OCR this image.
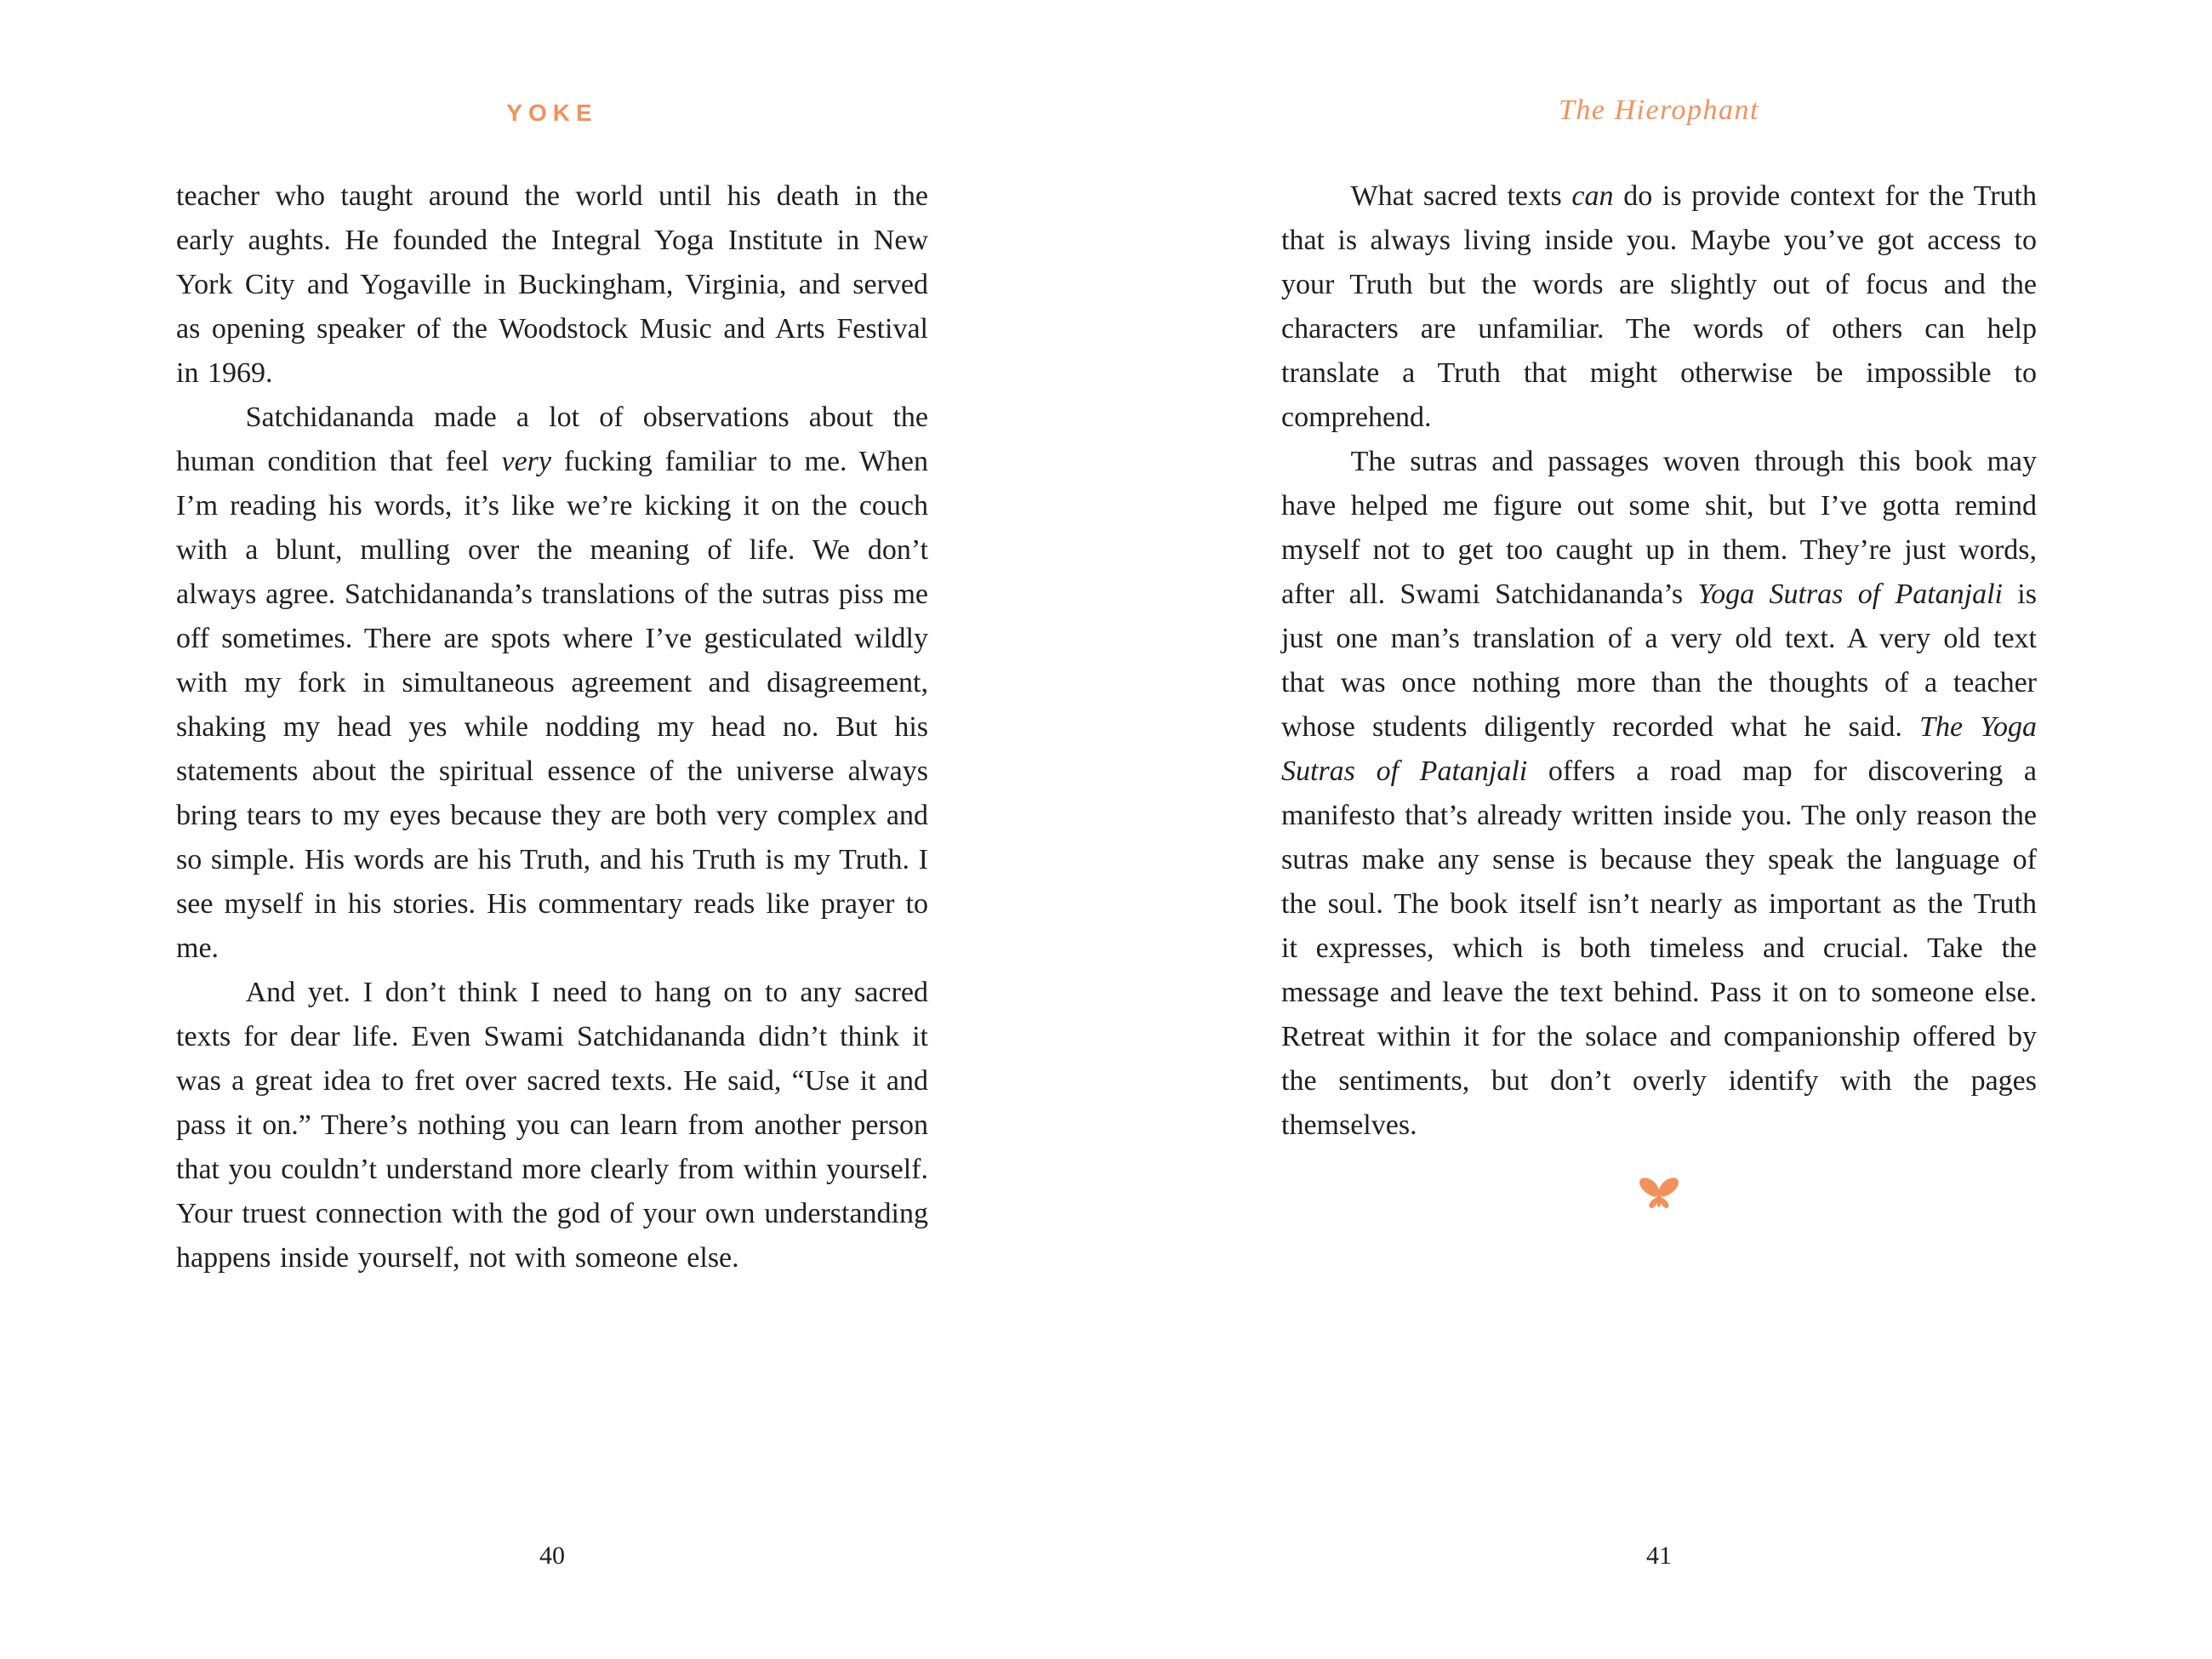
YOKE

teacher who taught around the world until his death in the early aughts. He founded the Integral Yoga Institute in New York City and Yogaville in Buckingham, Virginia, and served as opening speaker of the Woodstock Music and Arts Festival in 1969.

Satchidananda made a lot of observations about the human condition that feel very fucking familiar to me. When I’m reading his words, it’s like we’re kicking it on the couch with a blunt, mulling over the meaning of life. We don’t always agree. Satchidananda’s translations of the sutras piss me off sometimes. There are spots where I’ve gesticulated wildly with my fork in simultaneous agreement and disagreement, shaking my head yes while nodding my head no. But his statements about the spiritual essence of the universe always bring tears to my eyes because they are both very complex and so simple. His words are his Truth, and his Truth is my Truth. I see myself in his stories. His commentary reads like prayer to me.

And yet. I don’t think I need to hang on to any sacred texts for dear life. Even Swami Satchidananda didn’t think it was a great idea to fret over sacred texts. He said, “Use it and pass it on.” There’s nothing you can learn from another person that you couldn’t understand more clearly from within yourself. Your truest connection with the god of your own understanding happens inside yourself, not with someone else.

The Hierophant

What sacred texts can do is provide context for the Truth that is always living inside you. Maybe you’ve got access to your Truth but the words are slightly out of focus and the characters are unfamiliar. The words of others can help translate a Truth that might otherwise be impossible to comprehend.

The sutras and passages woven through this book may have helped me figure out some shit, but I’ve gotta remind myself not to get too caught up in them. They’re just words, after all. Swami Satchidananda’s Yoga Sutras of Patanjali is just one man’s translation of a very old text. A very old text that was once nothing more than the thoughts of a teacher whose students diligently recorded what he said. The Yoga Sutras of Patanjali offers a road map for discovering a manifesto that’s already written inside you. The only reason the sutras make any sense is because they speak the language of the soul. The book itself isn’t nearly as important as the Truth it expresses, which is both timeless and crucial. Take the message and leave the text behind. Pass it on to someone else. Retreat within it for the solace and companionship offered by the sentiments, but don’t overly identify with the pages themselves.

40	41
